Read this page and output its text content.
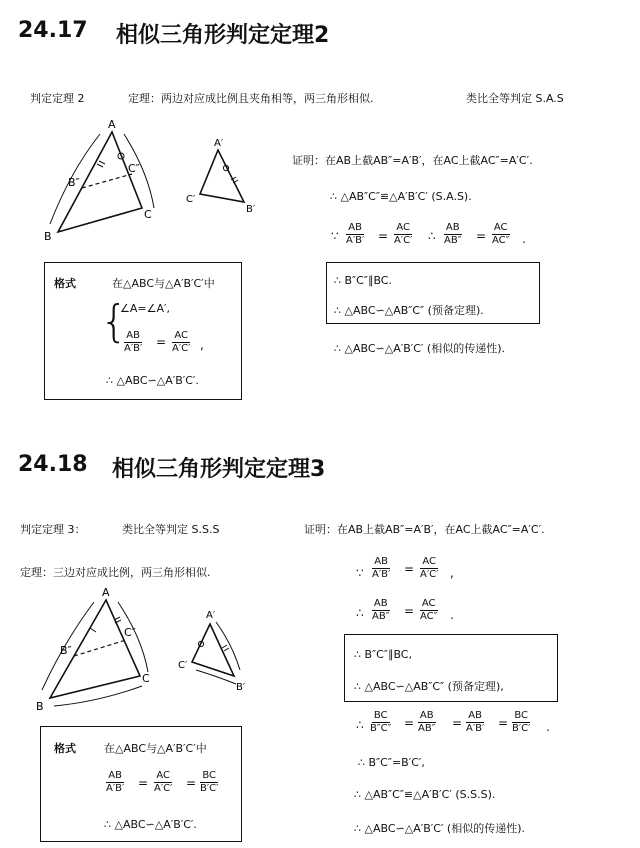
24.17 相似三角形判定定理2
判定定理 2	定理：两边对应成比例且夹角相等，两三角形相似.	类比全等判定 S.A.S
A
B
C
B″
C″
A′
C′
B′
格式	在△ABC与△A′B′C′中
{
∠A=∠A′,
$\frac{AB}{A'B'} = \frac{AC}{A'C'}$ ,
∴ △ABC∽△A′B′C′.
证明：在AB上截AB″=A′B′，在AC上截AC″=A′C′.
∴ △AB″C″≌△A′B′C′ (S.A.S).
∵ $\frac{AB}{A'B'} = \frac{AC}{A'C'}$ ∴ $\frac{AB}{AB''} = \frac{AC}{AC''}$ .
∴ B″C″∥BC.
∴ △ABC∽△AB″C″ (预备定理).
∴ △ABC∽△A′B′C′ (相似的传递性).
24.18 相似三角形判定定理3
判定定理 3：	类比全等判定 S.S.S
定理：三边对应成比例，两三角形相似.
A
B
C
B″
C″
A′
C′
B′
格式	在△ABC与△A′B′C′中
$\frac{AB}{A'B'} = \frac{AC}{A'C'} = \frac{BC}{B'C'}$
∴ △ABC∽△A′B′C′.
证明：在AB上截AB″=A′B′，在AC上截AC″=A′C′.
∵ $\frac{AB}{A'B'} = \frac{AC}{A'C'}$ ,
∴ $\frac{AB}{AB''} = \frac{AC}{AC''}$ .
∴ B″C″∥BC,
∴ △ABC∽△AB″C″ (预备定理),
∴ $\frac{BC}{B''C''} = \frac{AB}{AB''} = \frac{AB}{A'B'} = \frac{BC}{B'C'}$ .
∴ B″C″=B′C′,
∴ △AB″C″≌△A′B′C′ (S.S.S).
∴ △ABC∽△A′B′C′ (相似的传递性).
